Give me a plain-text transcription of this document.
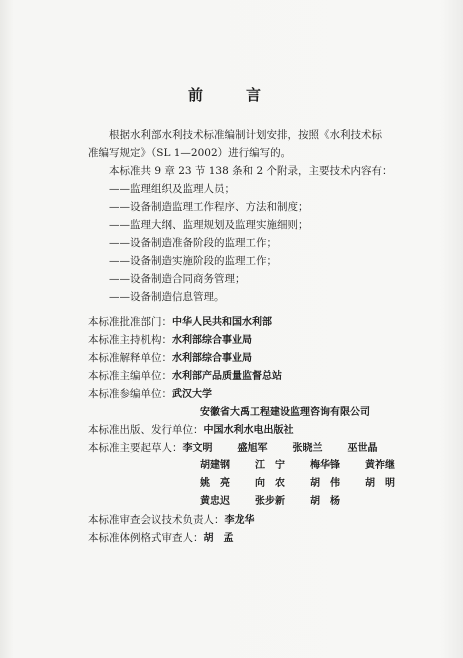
前　言
根据水利部水利技术标准编制计划安排，按照《水利技术标
准编写规定》（SL 1—2002）进行编写的。
本标准共 9 章 23 节 138 条和 2 个附录，主要技术内容有：
——监理组织及监理人员；
——设备制造监理工作程序、方法和制度；
——监理大纲、监理规划及监理实施细则；
——设备制造准备阶段的监理工作；
——设备制造实施阶段的监理工作；
——设备制造合同商务管理；
——设备制造信息管理。
本标准批准部门：中华人民共和国水利部
本标准主持机构：水利部综合事业局
本标准解释单位：水利部综合事业局
本标准主编单位：水利部产品质量监督总站
本标准参编单位：武汉大学
安徽省大禹工程建设监理咨询有限公司
本标准出版、发行单位：中国水利水电出版社
本标准主要起草人：李文明	盛旭军	张晓兰	巫世晶
胡建钢	江　宁	梅华锋	黄祚继
姚　亮	向　农	胡　伟	胡　明
黄忠迟	张步新	胡　杨
本标准审查会议技术负责人：李龙华
本标准体例格式审查人：胡　孟
